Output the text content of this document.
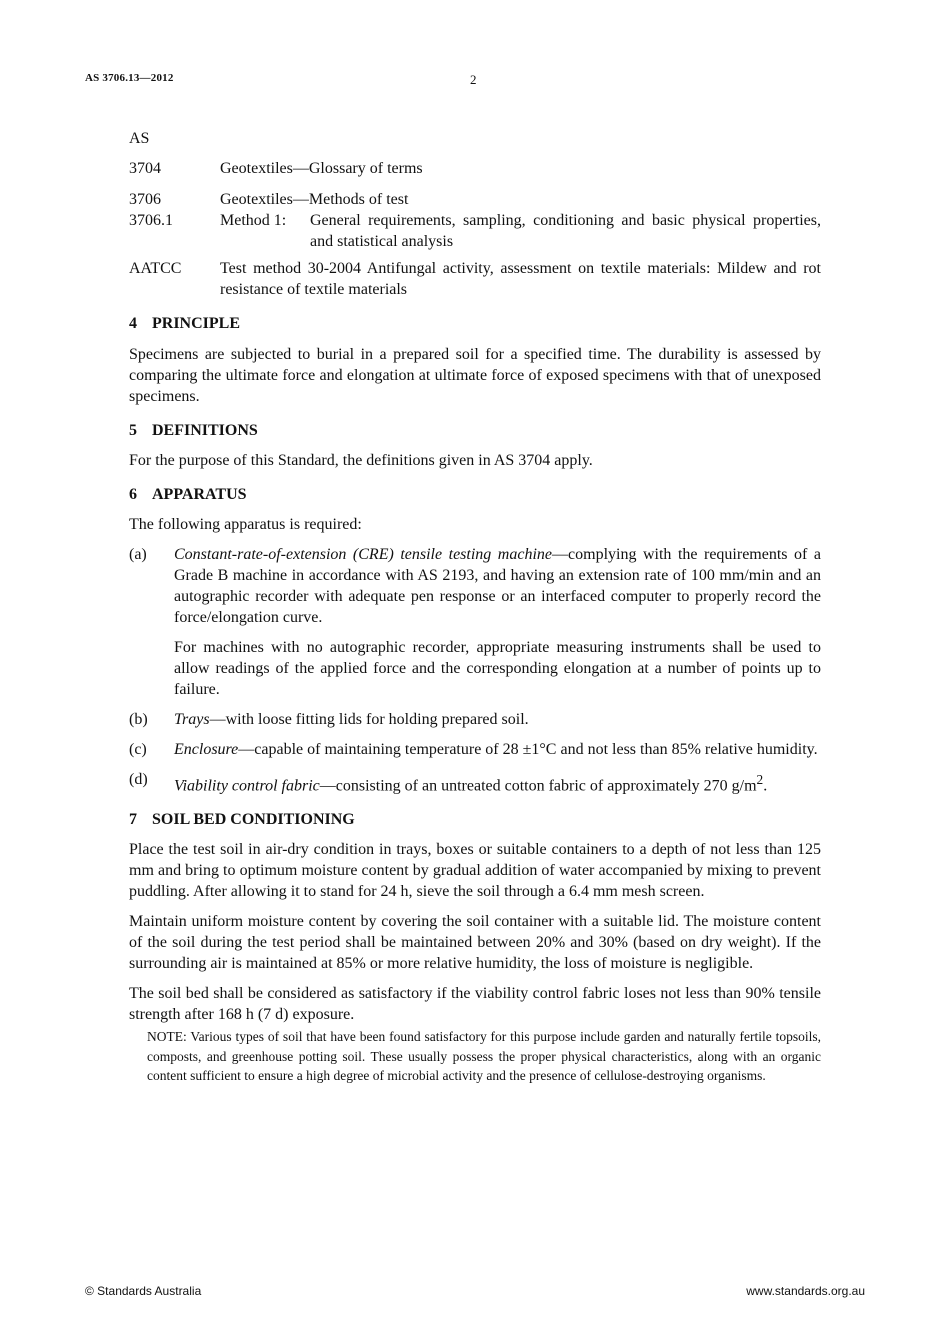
AS 3706.13—2012	2
AS
3704	Geotextiles—Glossary of terms
3706	Geotextiles—Methods of test
3706.1	Method 1:	General requirements, sampling, conditioning and basic physical properties, and statistical analysis
AATCC	Test method 30-2004 Antifungal activity, assessment on textile materials: Mildew and rot resistance of textile materials
4 PRINCIPLE

Specimens are subjected to burial in a prepared soil for a specified time. The durability is assessed by comparing the ultimate force and elongation at ultimate force of exposed specimens with that of unexposed specimens.

5 DEFINITIONS

For the purpose of this Standard, the definitions given in AS 3704 apply.

6 APPARATUS

The following apparatus is required:

(a)	Constant-rate-of-extension (CRE) tensile testing machine—complying with the requirements of a Grade B machine in accordance with AS 2193, and having an extension rate of 100 mm/min and an autographic recorder with adequate pen response or an interfaced computer to properly record the force/elongation curve.

For machines with no autographic recorder, appropriate measuring instruments shall be used to allow readings of the applied force and the corresponding elongation at a number of points up to failure.

(b)	Trays—with loose fitting lids for holding prepared soil.

(c)	Enclosure—capable of maintaining temperature of 28 ±1°C and not less than 85% relative humidity.

(d)	Viability control fabric—consisting of an untreated cotton fabric of approximately 270 $g/m^2$.

7 SOIL BED CONDITIONING

Place the test soil in air-dry condition in trays, boxes or suitable containers to a depth of not less than 125 mm and bring to optimum moisture content by gradual addition of water accompanied by mixing to prevent puddling. After allowing it to stand for 24 h, sieve the soil through a 6.4 mm mesh screen.

Maintain uniform moisture content by covering the soil container with a suitable lid. The moisture content of the soil during the test period shall be maintained between 20% and 30% (based on dry weight). If the surrounding air is maintained at 85% or more relative humidity, the loss of moisture is negligible.

The soil bed shall be considered as satisfactory if the viability control fabric loses not less than 90% tensile strength after 168 h (7 d) exposure.

NOTE: Various types of soil that have been found satisfactory for this purpose include garden and naturally fertile topsoils, composts, and greenhouse potting soil. These usually possess the proper physical characteristics, along with an organic content sufficient to ensure a high degree of microbial activity and the presence of cellulose-destroying organisms.

© Standards Australia	www.standards.org.au
